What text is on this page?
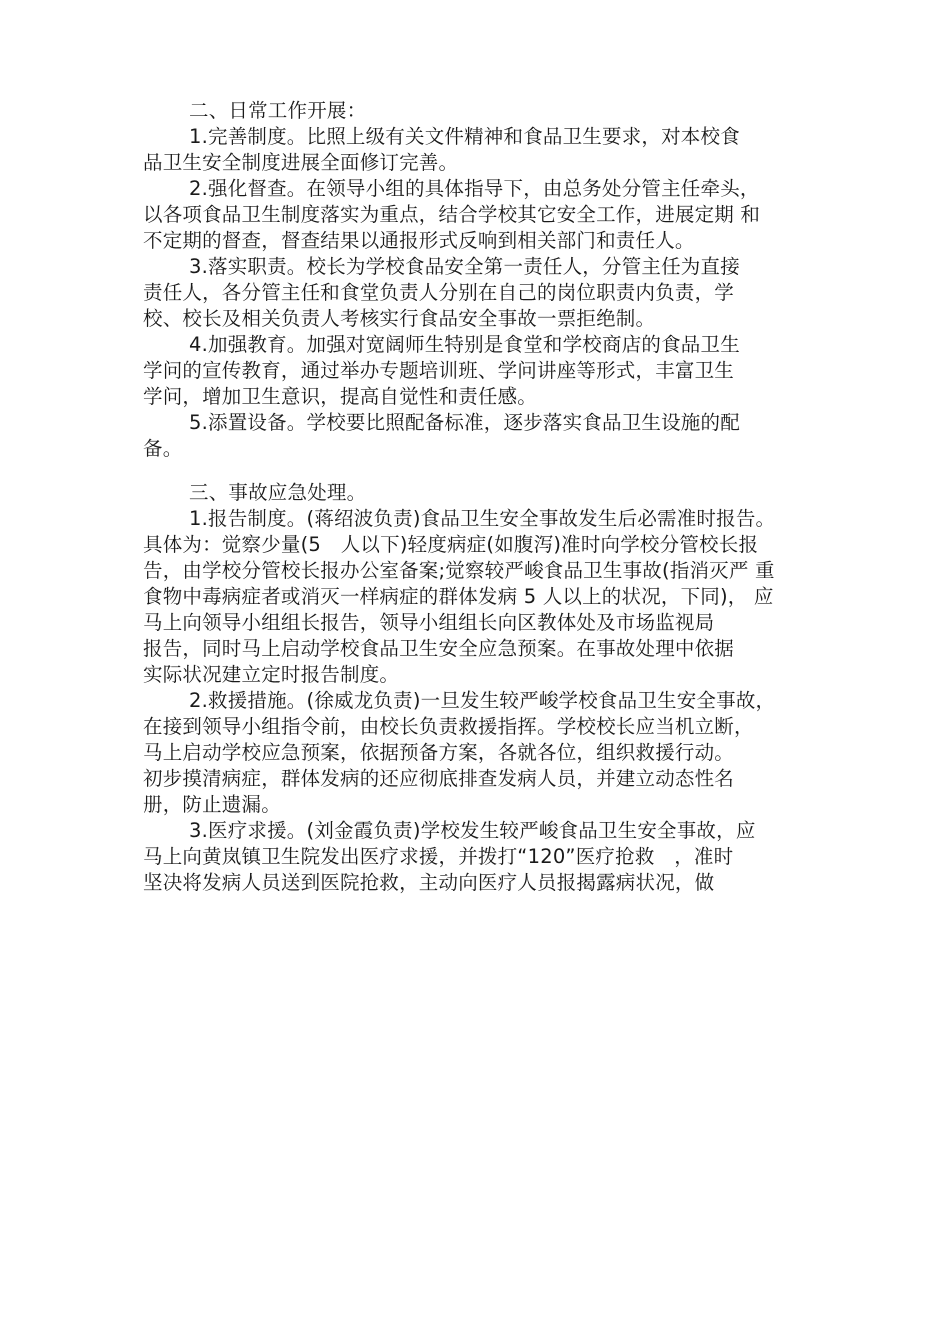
二、日常工作开展：
1.完善制度。比照上级有关文件精神和食品卫生要求，对本校食
品卫生安全制度进展全面修订完善。
2.强化督查。在领导小组的具体指导下，由总务处分管主任牵头，
以各项食品卫生制度落实为重点，结合学校其它安全工作，进展定期 和
不定期的督查，督查结果以通报形式反响到相关部门和责任人。
3.落实职责。校长为学校食品安全第一责任人，分管主任为直接
责任人，各分管主任和食堂负责人分别在自己的岗位职责内负责，学
校、校长及相关负责人考核实行食品安全事故一票拒绝制。
4.加强教育。加强对宽阔师生特别是食堂和学校商店的食品卫生
学问的宣传教育，通过举办专题培训班、学问讲座等形式，丰富卫生
学问，增加卫生意识，提高自觉性和责任感。
5.添置设备。学校要比照配备标准，逐步落实食品卫生设施的配
备。
三、事故应急处理。
1.报告制度。(蒋绍波负责)食品卫生安全事故发生后必需准时报告。
具体为：觉察少量(5　人以下)轻度病症(如腹泻)准时向学校分管校长报
告，由学校分管校长报办公室备案;觉察较严峻食品卫生事故(指消灭严 重
食物中毒病症者或消灭一样病症的群体发病 5 人以上的状况，下同)， 应
马上向领导小组组长报告，领导小组组长向区教体处及市场监视局
报告，同时马上启动学校食品卫生安全应急预案。在事故处理中依据
实际状况建立定时报告制度。
2.救援措施。(徐威龙负责)一旦发生较严峻学校食品卫生安全事故，
在接到领导小组指令前，由校长负责救援指挥。学校校长应当机立断，
马上启动学校应急预案，依据预备方案，各就各位，组织救援行动。
初步摸清病症，群体发病的还应彻底排查发病人员，并建立动态性名
册，防止遗漏。
3.医疗求援。(刘金霞负责)学校发生较严峻食品卫生安全事故，应
马上向黄岚镇卫生院发出医疗求援，并拨打“120”医疗抢救　，准时
坚决将发病人员送到医院抢救，主动向医疗人员报揭露病状况，做
